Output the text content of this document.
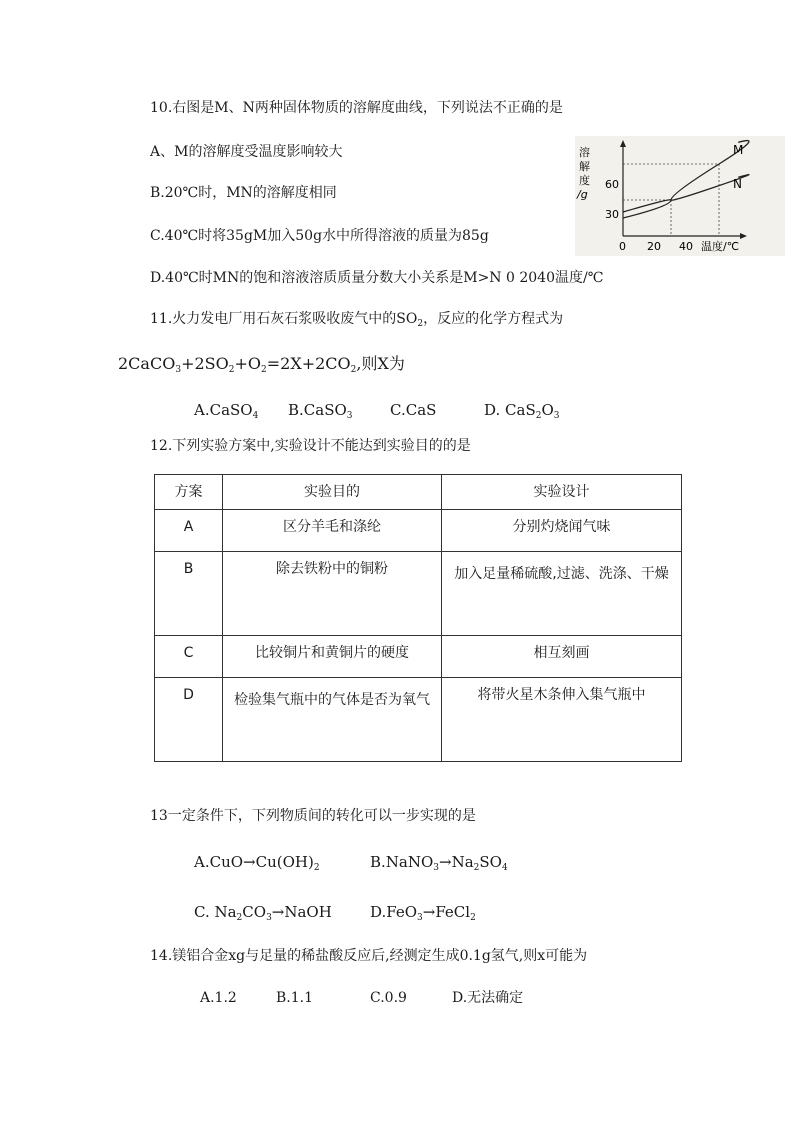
10.右图是M、N两种固体物质的溶解度曲线，下列说法不正确的是
A、M的溶解度受温度影响较大
B.20℃时，MN的溶解度相同
C.40℃时将35gM加入50g水中所得溶液的质量为85g
D.40℃时MN的饱和溶液溶质质量分数大小关系是M>N 0 2040温度/℃
溶
解
度
/g
60
30
0 20 40 温度/℃
M
N
11.火力发电厂用石灰石浆吸收废气中的$SO_2$，反应的化学方程式为
$2CaCO_3+2SO_2+O_2=2X+2CO_2$,则X为
A.CaSO$_4$ B.CaSO$_3$ C.CaS	D. $CaS_2O_3$
12.下列实验方案中,实验设计不能达到实验目的的是
方案	实验目的	实验设计
A	区分羊毛和涤纶	分别灼烧闻气味
B	除去铁粉中的铜粉	加入足量稀硫酸,过滤、洗涤、干燥
C	比较铜片和黄铜片的硬度	相互刻画
D	检验集气瓶中的气体是否为氧气	将带火星木条伸入集气瓶中
13一定条件下，下列物质间的转化可以一步实现的是
$A.CuO\to Cu(OH)_2$	$B.NaNO_3\to Na_2SO_4$
C. $Na_2CO_3\to NaOH$	D.FeO$_3$→FeCl$_2$
14.镁铝合金xg与足量的稀盐酸反应后,经测定生成0.1g氢气,则x可能为
A.1.2	B.1.1	C.0.9	D.无法确定
